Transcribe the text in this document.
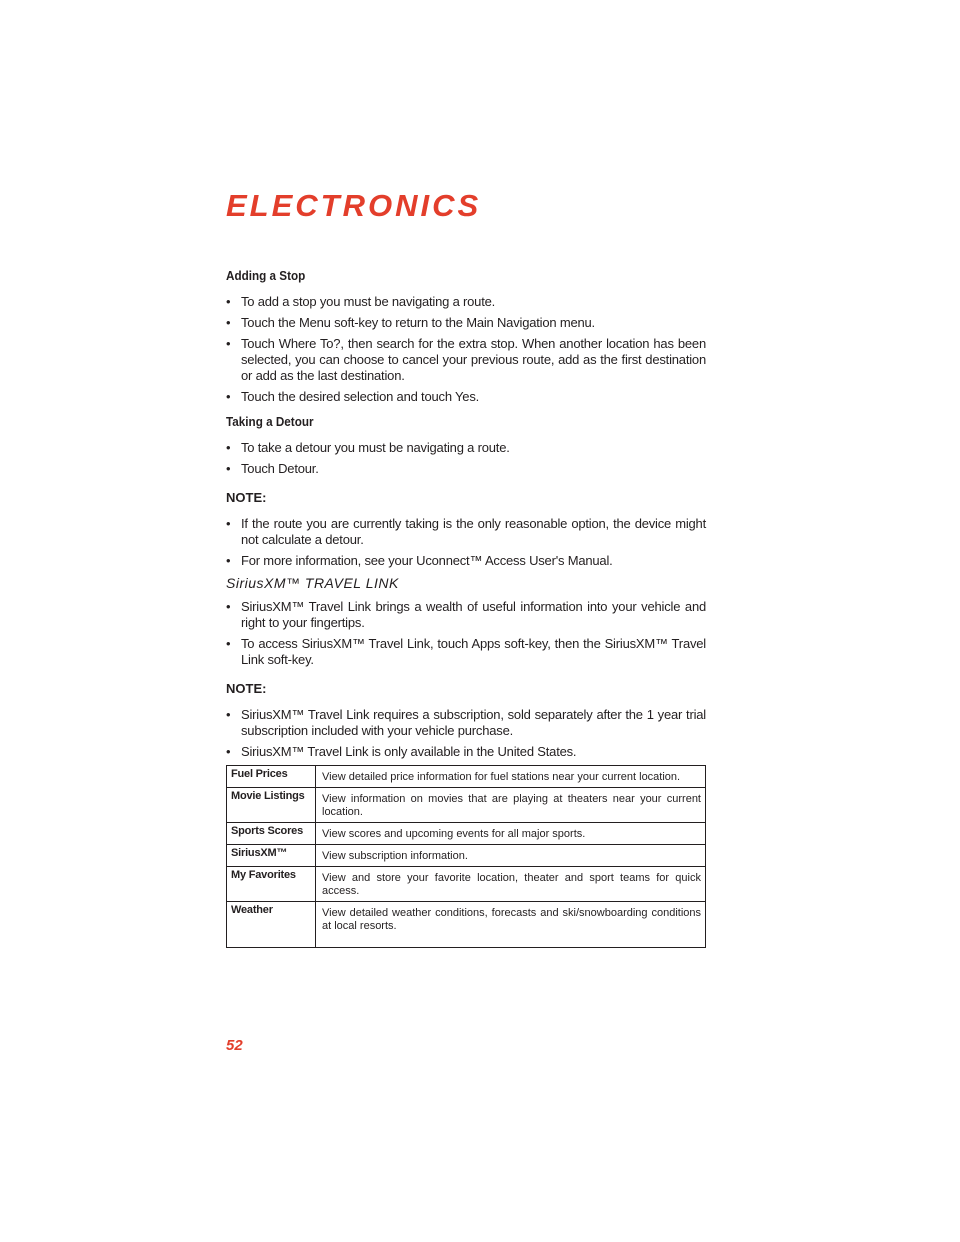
ELECTRONICS
Adding a Stop
• To add a stop you must be navigating a route.
• Touch the Menu soft-key to return to the Main Navigation menu.
• Touch Where To?, then search for the extra stop. When another location has been selected, you can choose to cancel your previous route, add as the first destination or add as the last destination.
• Touch the desired selection and touch Yes.
Taking a Detour
• To take a detour you must be navigating a route.
• Touch Detour.
NOTE:
• If the route you are currently taking is the only reasonable option, the device might not calculate a detour.
• For more information, see your Uconnect™ Access User's Manual.
SiriusXM™ TRAVEL LINK
• SiriusXM™ Travel Link brings a wealth of useful information into your vehicle and right to your fingertips.
• To access SiriusXM™ Travel Link, touch Apps soft-key, then the SiriusXM™ Travel Link soft-key.
NOTE:
• SiriusXM™ Travel Link requires a subscription, sold separately after the 1 year trial subscription included with your vehicle purchase.
• SiriusXM™ Travel Link is only available in the United States.
Fuel Prices	View detailed price information for fuel stations near your current location.
Movie Listings	View information on movies that are playing at theaters near your current location.
Sports Scores	View scores and upcoming events for all major sports.
SiriusXM™	View subscription information.
My Favorites	View and store your favorite location, theater and sport teams for quick access.
Weather	View detailed weather conditions, forecasts and ski/snowboarding conditions at local resorts.
52
